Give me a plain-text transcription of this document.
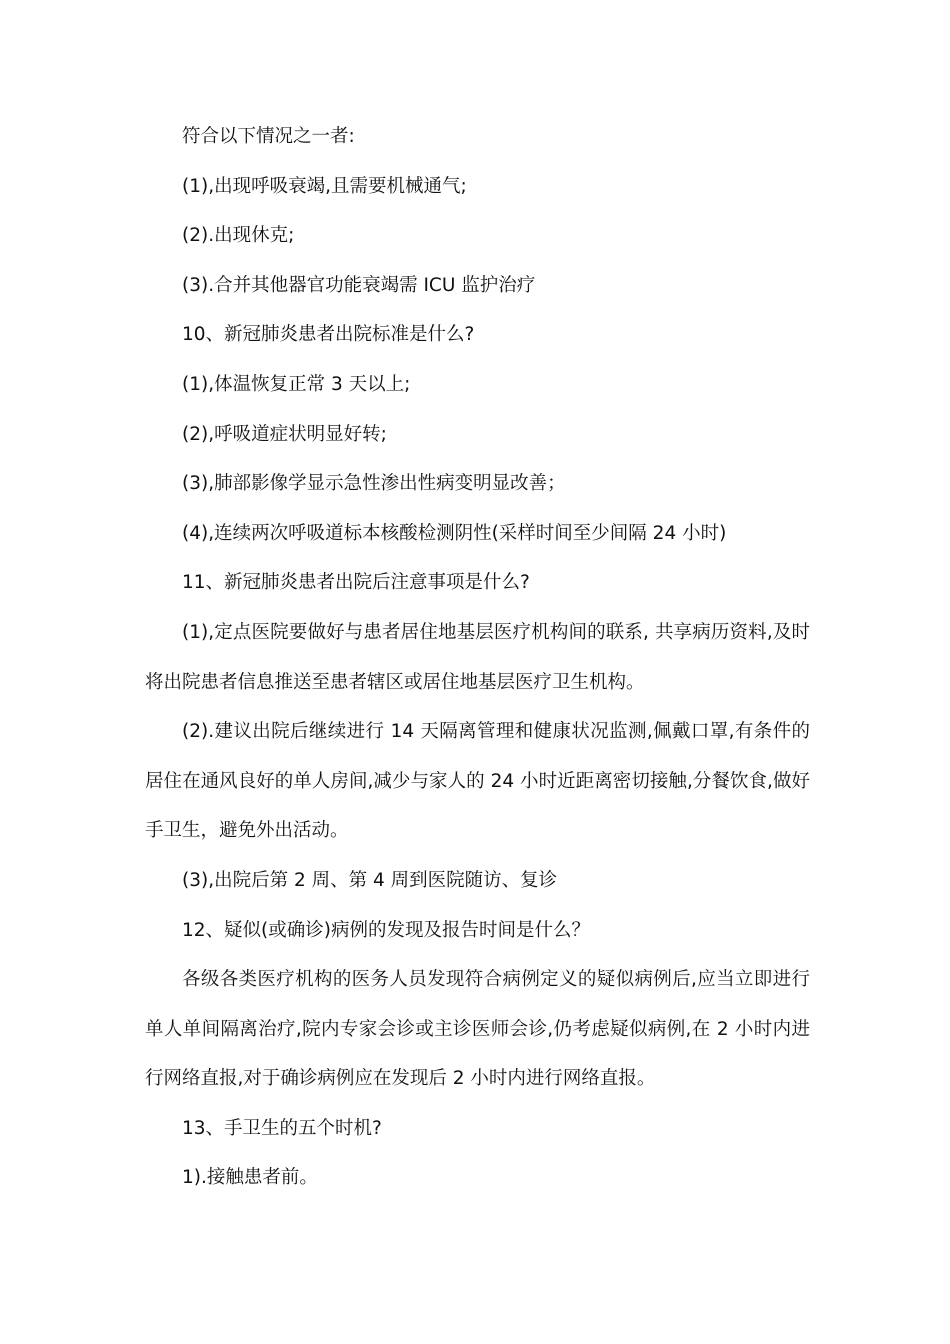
符合以下情况之一者:

(1),出现呼吸衰竭,且需要机械通气;

(2).出现休克;

(3).合并其他器官功能衰竭需 ICU 监护治疗

10、新冠肺炎患者出院标准是什么?

(1),体温恢复正常 3 天以上;

(2),呼吸道症状明显好转;

(3),肺部影像学显示急性渗出性病变明显改善；

(4),连续两次呼吸道标本核酸检测阴性(采样时间至少间隔 24 小时)

11、新冠肺炎患者出院后注意事项是什么?

(1),定点医院要做好与患者居住地基层医疗机构间的联系, 共享病历资料,及时将出院患者信息推送至患者辖区或居住地基层医疗卫生机构。

(2).建议出院后继续进行 14 天隔离管理和健康状况监测,佩戴口罩,有条件的居住在通风良好的单人房间,减少与家人的 24 小时近距离密切接触,分餐饮食,做好手卫生，避免外出活动。

(3),出院后第 2 周、第 4 周到医院随访、复诊

12、疑似(或确诊)病例的发现及报告时间是什么？

各级各类医疗机构的医务人员发现符合病例定义的疑似病例后,应当立即进行单人单间隔离治疗,院内专家会诊或主诊医师会诊,仍考虑疑似病例,在 2 小时内进行网络直报,对于确诊病例应在发现后 2 小时内进行网络直报。

13、手卫生的五个时机?

1).接触患者前。
